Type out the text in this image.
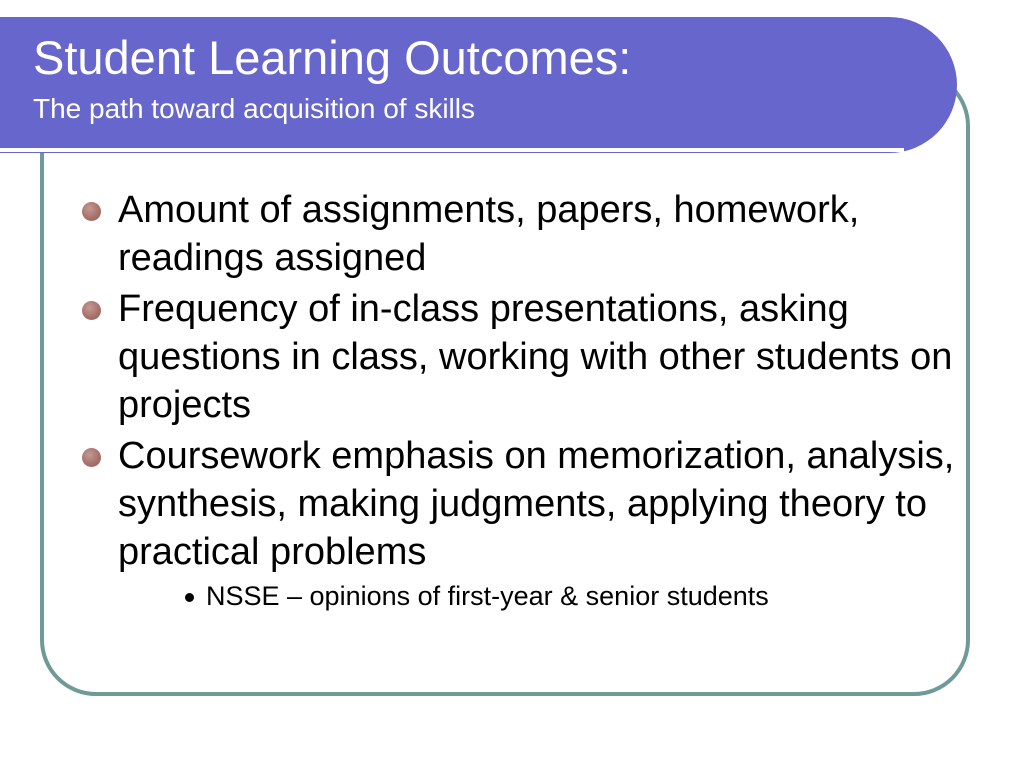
Student Learning Outcomes:
The path toward acquisition of skills
Amount of assignments, papers, homework, readings assigned
Frequency of in-class presentations, asking questions in class, working with other students on projects
Coursework emphasis on memorization, analysis, synthesis, making judgments, applying theory to practical problems
NSSE – opinions of first-year & senior students
